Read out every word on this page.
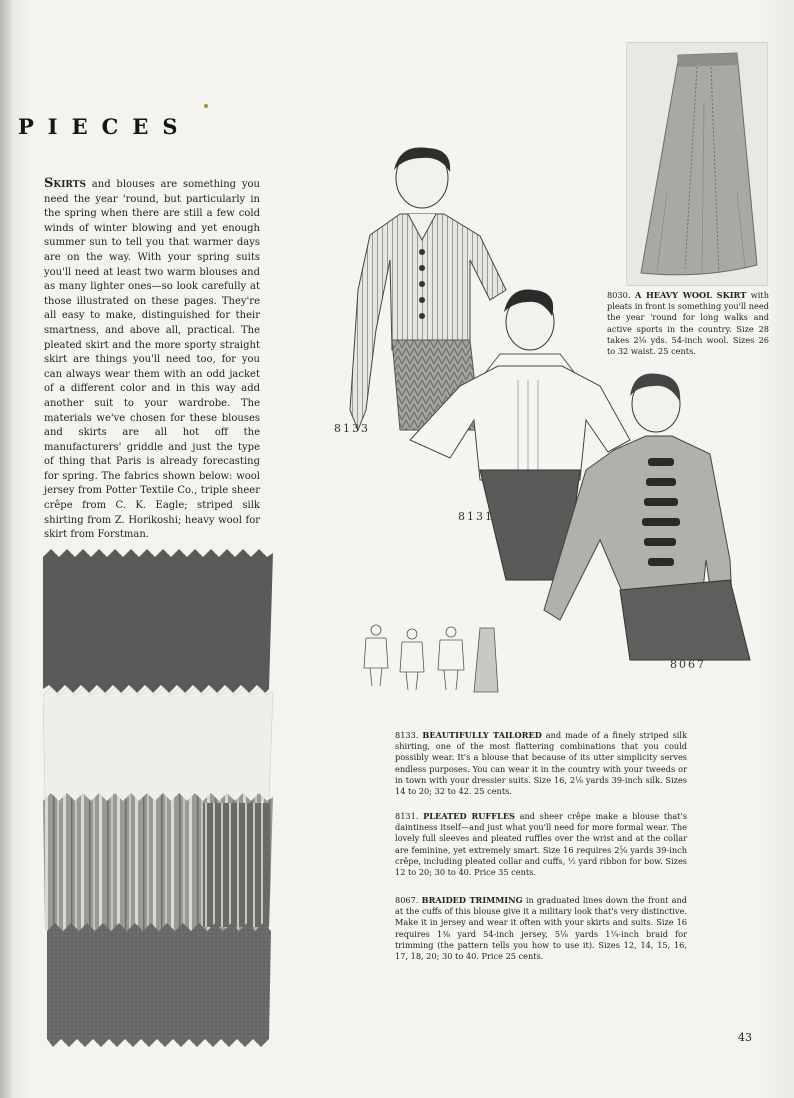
PIECES
SKIRTS and blouses are something you need the year 'round, but particularly in the spring when there are still a few cold winds of winter blowing and yet enough summer sun to tell you that warmer days are on the way. With your spring suits you'll need at least two warm blouses and as many lighter ones—so look carefully at those illustrated on these pages. They're all easy to make, distinguished for their smartness, and above all, practical. The pleated skirt and the more sporty straight skirt are things you'll need too, for you can always wear them with an odd jacket of a different color and in this way add another suit to your wardrobe. The materials we've chosen for these blouses and skirts are all hot off the manufacturers' griddle and just the type of thing that Paris is already forecasting for spring. The fabrics shown below: wool jersey from Potter Textile Co., triple sheer crêpe from C. K. Eagle; striped silk shirting from Z. Horikoshi; heavy wool for skirt from Forstman.
8030. A HEAVY WOOL SKIRT with pleats in front is something you'll need the year 'round for long walks and active sports in the country. Size 28 takes 2⅛ yds. 54-inch wool. Sizes 26 to 32 waist. 25 cents.
8133
8131
8067
8133. BEAUTIFULLY TAILORED and made of a finely striped silk shirting, one of the most flattering combinations that you could possibly wear. It's a blouse that because of its utter simplicity serves endless purposes. You can wear it in the country with your tweeds or in town with your dressier suits. Size 16, 2⅛ yards 39-inch silk. Sizes 14 to 20; 32 to 42. 25 cents.
8131. PLEATED RUFFLES and sheer crêpe make a blouse that's daintiness itself—and just what you'll need for more formal wear. The lovely full sleeves and pleated ruffles over the wrist and at the collar are feminine, yet extremely smart. Size 16 requires 2⅝ yards 39-inch crêpe, including pleated collar and cuffs, ½ yard ribbon for bow. Sizes 12 to 20; 30 to 40. Price 35 cents.
8067. BRAIDED TRIMMING in graduated lines down the front and at the cuffs of this blouse give it a military look that's very distinctive. Make it in jersey and wear it often with your skirts and suits. Size 16 requires 1⅜ yard 54-inch jersey, 5⅛ yards 1¼-inch braid for trimming (the pattern tells you how to use it). Sizes 12, 14, 15, 16, 17, 18, 20; 30 to 40. Price 25 cents.
43
